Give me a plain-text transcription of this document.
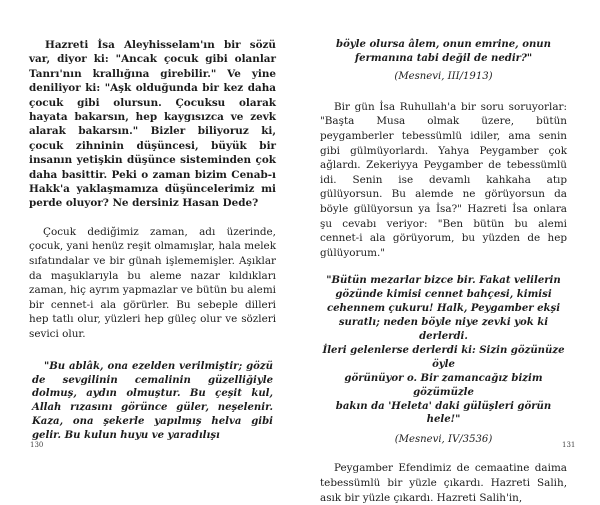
Hazreti İsa Aleyhisselam'ın bir sözü var, diyor ki: "Ancak çocuk gibi olanlar Tanrı'nın krallığına girebilir." Ve yine deniliyor ki: "Aşk olduğunda bir kez daha çocuk gibi olursun. Çocuksu olarak hayata bakarsın, hep kaygısızca ve zevk alarak bakarsın." Bizler biliyoruz ki, çocuk zihninin düşüncesi, büyük bir insanın yetişkin düşünce sisteminden çok daha basittir. Peki o zaman bizim Cenab-ı Hakk'a yaklaşmamıza düşüncelerimiz mi perde oluyor? Ne dersiniz Hasan Dede?

Çocuk dediğimiz zaman, adı üzerinde, çocuk, yani henüz reşit olmamışlar, hala melek sıfatındalar ve bir günah işlememişler. Aşıklar da maşuklarıyla bu aleme nazar kıldıkları zaman, hiç ayrım yapmazlar ve bütün bu alemi bir cennet-i ala görürler. Bu sebeple dilleri hep tatlı olur, yüzleri hep güleç olur ve sözleri sevici olur.

"Bu ablâk, ona ezelden verilmiştir; gözü de sevgilinin cemalinin güzelliğiyle dolmuş, aydın olmuştur. Bu çeşit kul, Allah rızasını görünce güler, neşelenir. Kaza, ona şekerle yapılmış helva gibi gelir. Bu kulun huyu ve yaradılışı

130

böyle olursa âlem, onun emrine, onun
fermanına tabi değil de nedir?"

(Mesnevi, III/1913)

Bir gün İsa Ruhullah'a bir soru soruyorlar: "Başta Musa olmak üzere, bütün peygamberler tebessümlü idiler, ama senin gibi gülmüyorlardı. Yahya Peygamber çok ağlardı. Zekeriyya Peygamber de tebessümlü idi. Senin ise devamlı kahkaha atıp gülüyorsun. Bu alemde ne görüyorsun da böyle gülüyorsun ya İsa?" Hazreti İsa onlara şu cevabı veriyor: "Ben bütün bu alemi cennet-i ala görüyorum, bu yüzden de hep gülüyorum."

"Bütün mezarlar bizce bir. Fakat velilerin
gözünde kimisi cennet bahçesi, kimisi
cehennem çukuru! Halk, Peygamber ekşi
suratlı; neden böyle niye zevki yok ki derlerdi.
İleri gelenlerse derlerdi ki: Sizin gözünüze öyle
görünüyor o. Bir zamancağız bizim gözümüzle
bakın da 'Heleta' daki gülüşleri görün hele!"

(Mesnevi, IV/3536)

Peygamber Efendimiz de cemaatine daima tebessümlü bir yüzle çıkardı. Hazreti Salih, asık bir yüzle çıkardı. Hazreti Salih'in,

131
